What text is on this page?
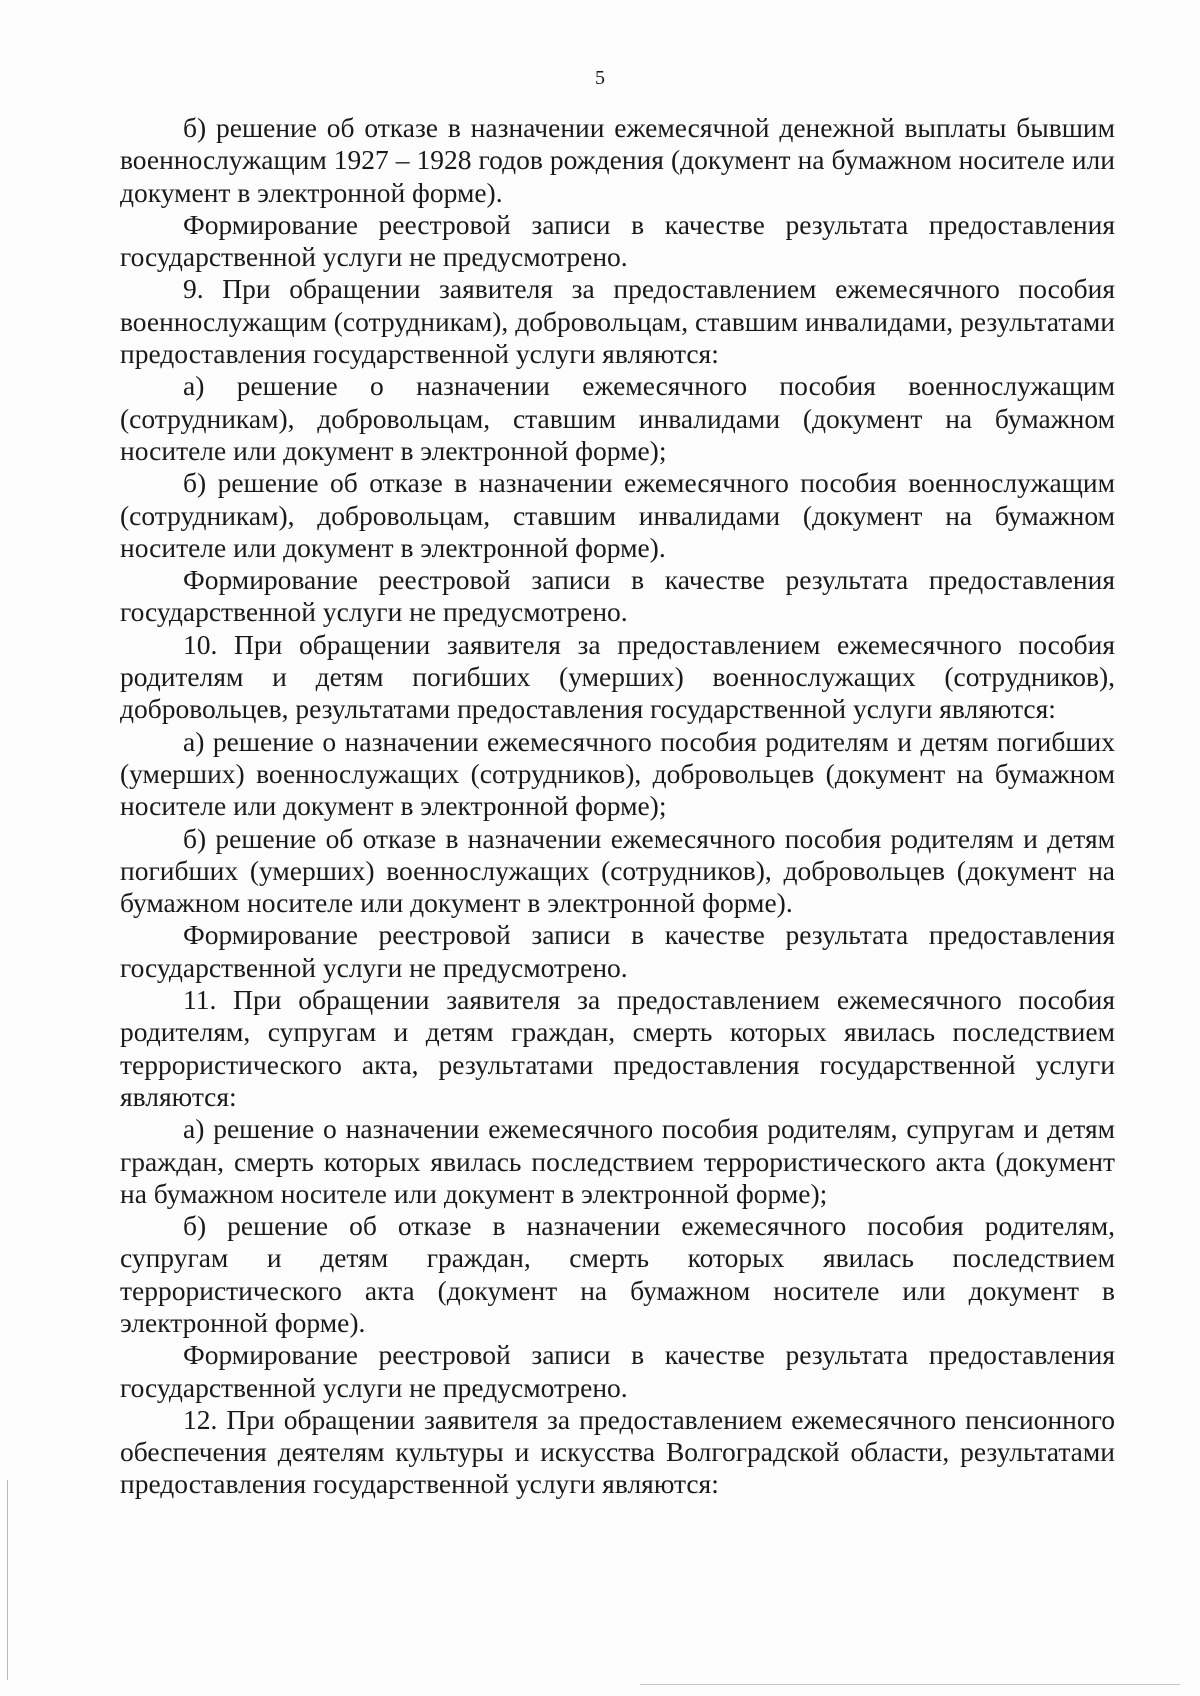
5

б) решение об отказе в назначении ежемесячной денежной выплаты бывшим военнослужащим 1927 – 1928 годов рождения (документ на бумажном носителе или документ в электронной форме).

Формирование реестровой записи в качестве результата предоставления государственной услуги не предусмотрено.

9. При обращении заявителя за предоставлением ежемесячного пособия военнослужащим (сотрудникам), добровольцам, ставшим инвалидами, результатами предоставления государственной услуги являются:

а) решение о назначении ежемесячного пособия военнослужащим (сотрудникам), добровольцам, ставшим инвалидами (документ на бумажном носителе или документ в электронной форме);

б) решение об отказе в назначении ежемесячного пособия военнослужащим (сотрудникам), добровольцам, ставшим инвалидами (документ на бумажном носителе или документ в электронной форме).

Формирование реестровой записи в качестве результата предоставления государственной услуги не предусмотрено.

10. При обращении заявителя за предоставлением ежемесячного пособия родителям и детям погибших (умерших) военнослужащих (сотрудников), добровольцев, результатами предоставления государственной услуги являются:

а) решение о назначении ежемесячного пособия родителям и детям погибших (умерших) военнослужащих (сотрудников), добровольцев (документ на бумажном носителе или документ в электронной форме);

б) решение об отказе в назначении ежемесячного пособия родителям и детям погибших (умерших) военнослужащих (сотрудников), добровольцев (документ на бумажном носителе или документ в электронной форме).

Формирование реестровой записи в качестве результата предоставления государственной услуги не предусмотрено.

11. При обращении заявителя за предоставлением ежемесячного пособия родителям, супругам и детям граждан, смерть которых явилась последствием террористического акта, результатами предоставления государственной услуги являются:

а) решение о назначении ежемесячного пособия родителям, супругам и детям граждан, смерть которых явилась последствием террористического акта (документ на бумажном носителе или документ в электронной форме);

б) решение об отказе в назначении ежемесячного пособия родителям, супругам и детям граждан, смерть которых явилась последствием террористического акта (документ на бумажном носителе или документ в электронной форме).

Формирование реестровой записи в качестве результата предоставления государственной услуги не предусмотрено.

12. При обращении заявителя за предоставлением ежемесячного пенсионного обеспечения деятелям культуры и искусства Волгоградской области, результатами предоставления государственной услуги являются:
